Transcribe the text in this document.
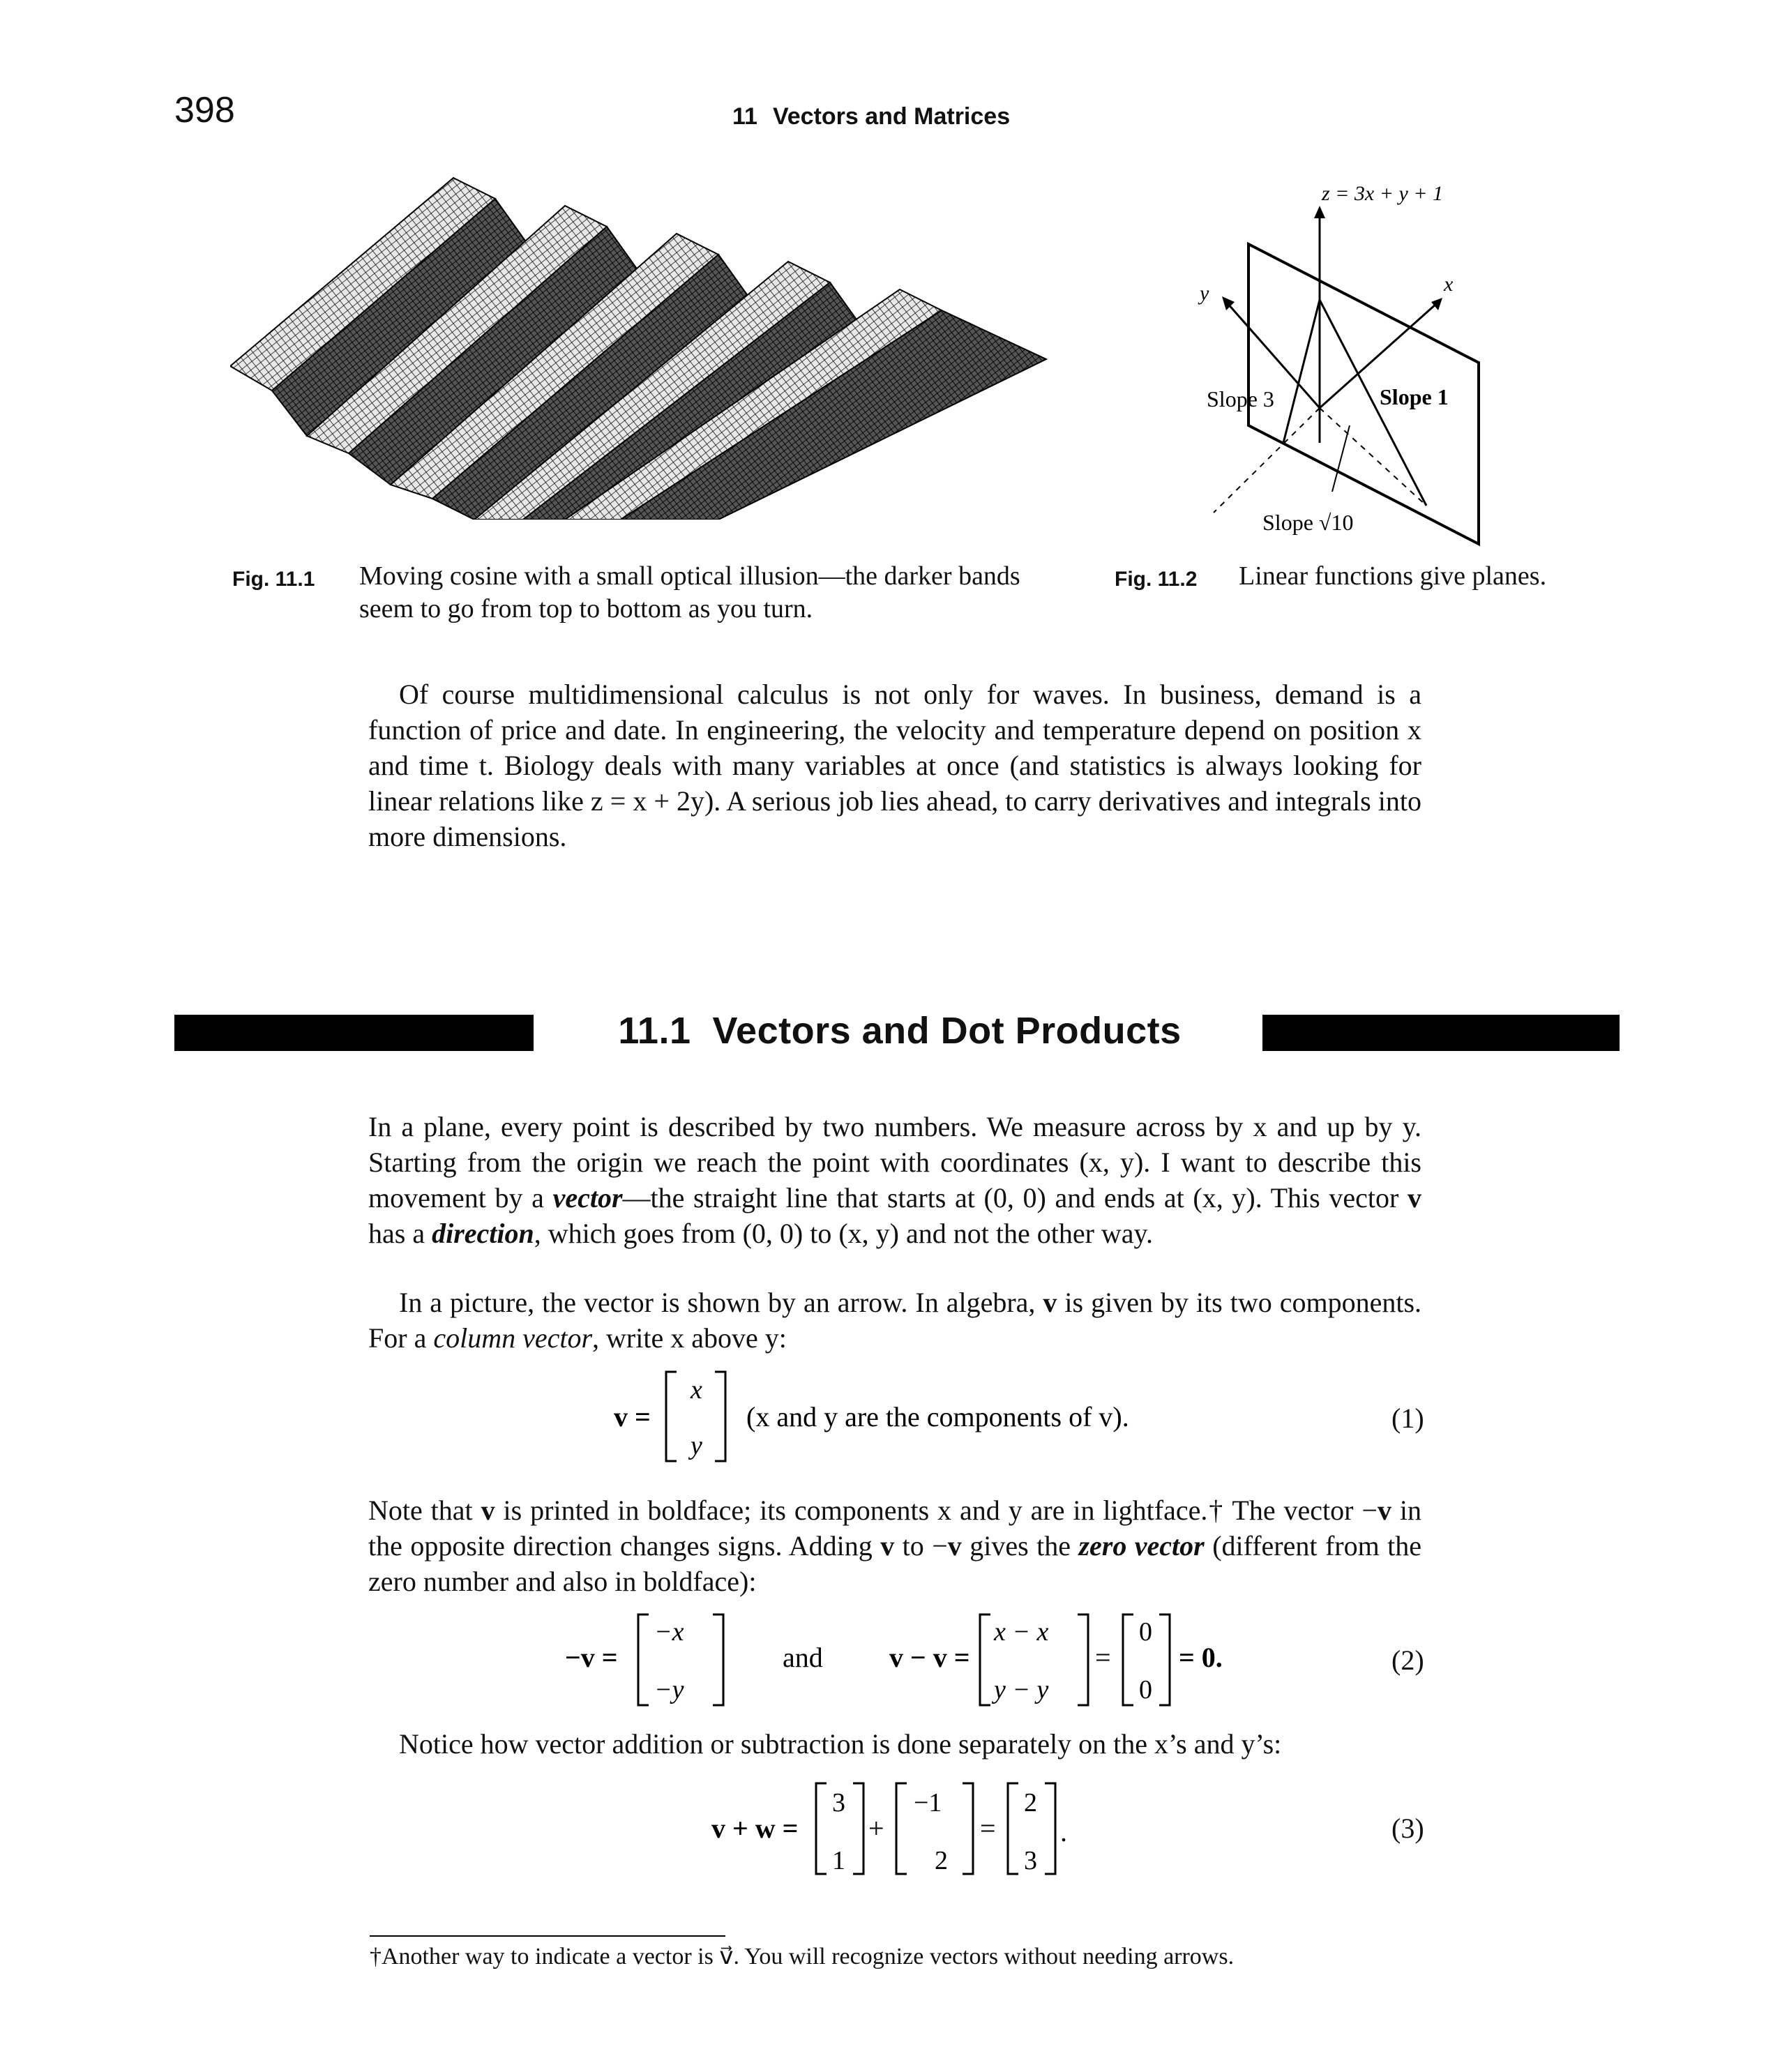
398	11 Vectors and Matrices
z = 3x + y + 1
y	x
Slope 3	Slope 1
Slope √10
Fig. 11.1 Moving cosine with a small optical illusion—the darker bands seem to go from top to bottom as you turn.
Fig. 11.2 Linear functions give planes.
Of course multidimensional calculus is not only for waves. In business, demand is a function of price and date. In engineering, the velocity and temperature depend on position x and time t. Biology deals with many variables at once (and statistics is always looking for linear relations like z = x + 2y). A serious job lies ahead, to carry derivatives and integrals into more dimensions.
11.1 Vectors and Dot Products
In a plane, every point is described by two numbers. We measure across by x and up by y. Starting from the origin we reach the point with coordinates (x, y). I want to describe this movement by a vector—the straight line that starts at (0, 0) and ends at (x, y). This vector v has a direction, which goes from (0, 0) to (x, y) and not the other way.
In a picture, the vector is shown by an arrow. In algebra, v is given by its two components. For a column vector, write x above y:
v =
x
y
(x and y are the components of v).	(1)
Note that v is printed in boldface; its components x and y are in lightface.† The vector −v in the opposite direction changes signs. Adding v to −v gives the zero vector (different from the zero number and also in boldface):
−v =
−x
−y
and v − v =
x − x
y − y
=
0
0
= 0.	(2)
Notice how vector addition or subtraction is done separately on the x’s and y’s:
v + w =
3
1
+
−1
2
=
2
3
.	(3)
†Another way to indicate a vector is v⃗. You will recognize vectors without needing arrows.
